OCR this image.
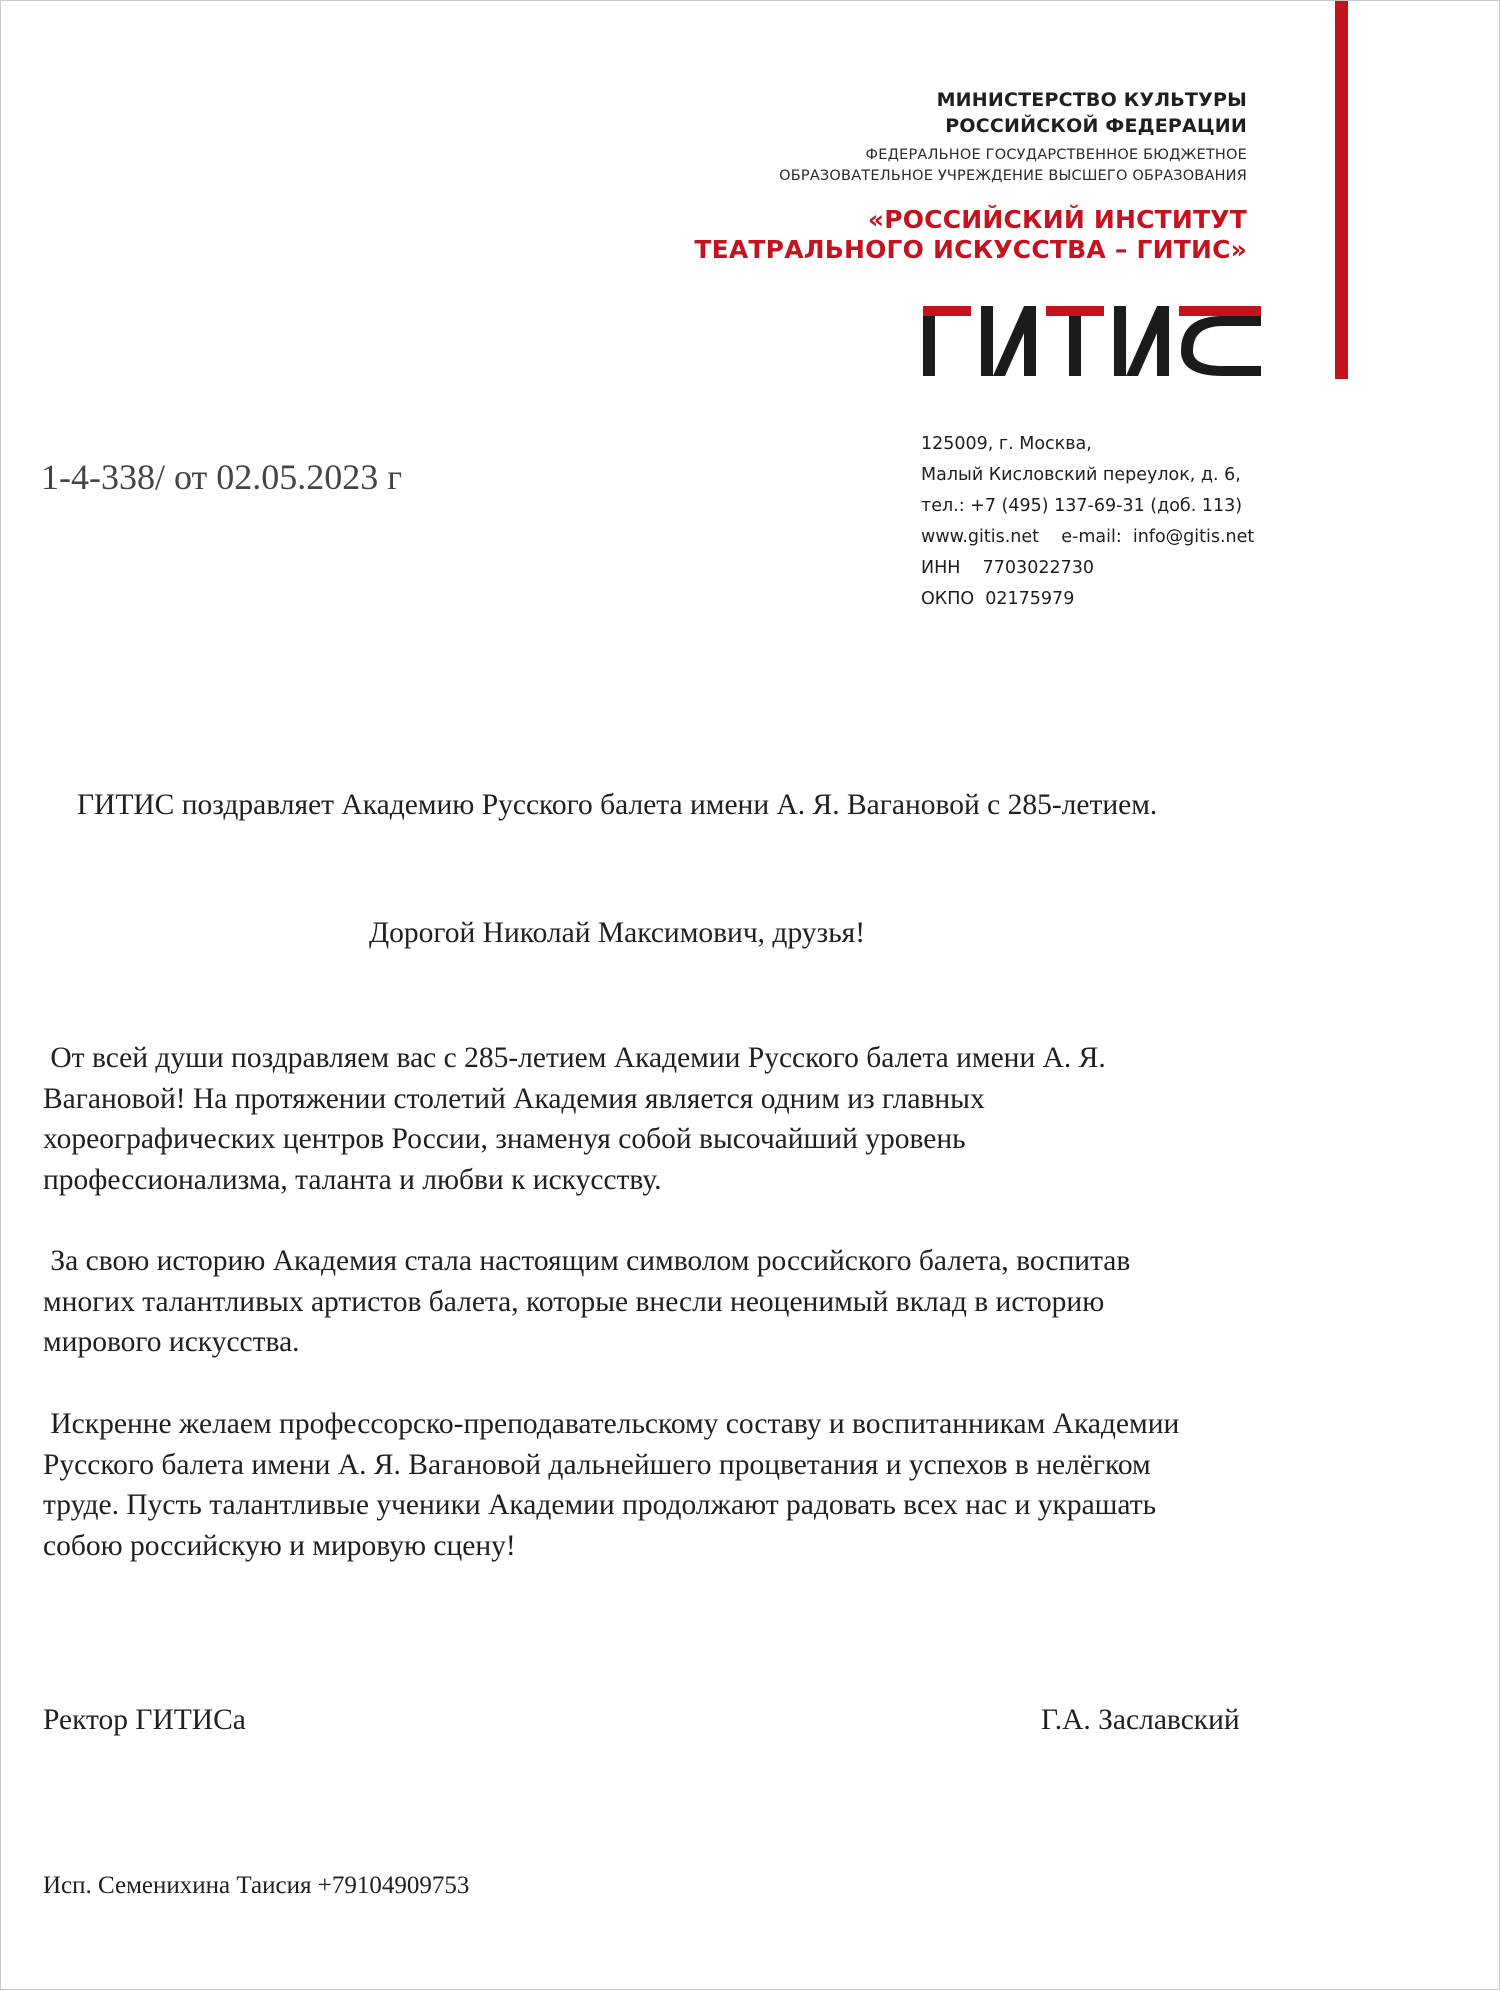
МИНИСТЕРСТВО КУЛЬТУРЫ
РОССИЙСКОЙ ФЕДЕРАЦИИ
ФЕДЕРАЛЬНОЕ ГОСУДАРСТВЕННОЕ БЮДЖЕТНОЕ
ОБРАЗОВАТЕЛЬНОЕ УЧРЕЖДЕНИЕ ВЫСШЕГО ОБРАЗОВАНИЯ
«РОССИЙСКИЙ ИНСТИТУТ
ТЕАТРАЛЬНОГО ИСКУССТВА – ГИТИС»
125009, г. Москва,
Малый Кисловский переулок, д. 6,
тел.: +7 (495) 137-69-31 (доб. 113)
www.gitis.net    e-mail:  info@gitis.net
ИНН    7703022730
ОКПО  02175979
1-4-338/ от 02.05.2023 г
ГИТИС поздравляет Академию Русского балета имени А. Я. Вагановой с 285-летием.
Дорогой Николай Максимович, друзья!
От всей души поздравляем вас с 285-летием Академии Русского балета имени А. Я.
Вагановой! На протяжении столетий Академия является одним из главных
хореографических центров России, знаменуя собой высочайший уровень
профессионализма, таланта и любви к искусству.
За свою историю Академия стала настоящим символом российского балета, воспитав
многих талантливых артистов балета, которые внесли неоценимый вклад в историю
мирового искусства.
Искренне желаем профессорско-преподавательскому составу и воспитанникам Академии
Русского балета имени А. Я. Вагановой дальнейшего процветания и успехов в нелёгком
труде. Пусть талантливые ученики Академии продолжают радовать всех нас и украшать
собою российскую и мировую сцену!
Ректор ГИТИСа	Г.А. Заславский
Исп. Семенихина Таисия +79104909753
